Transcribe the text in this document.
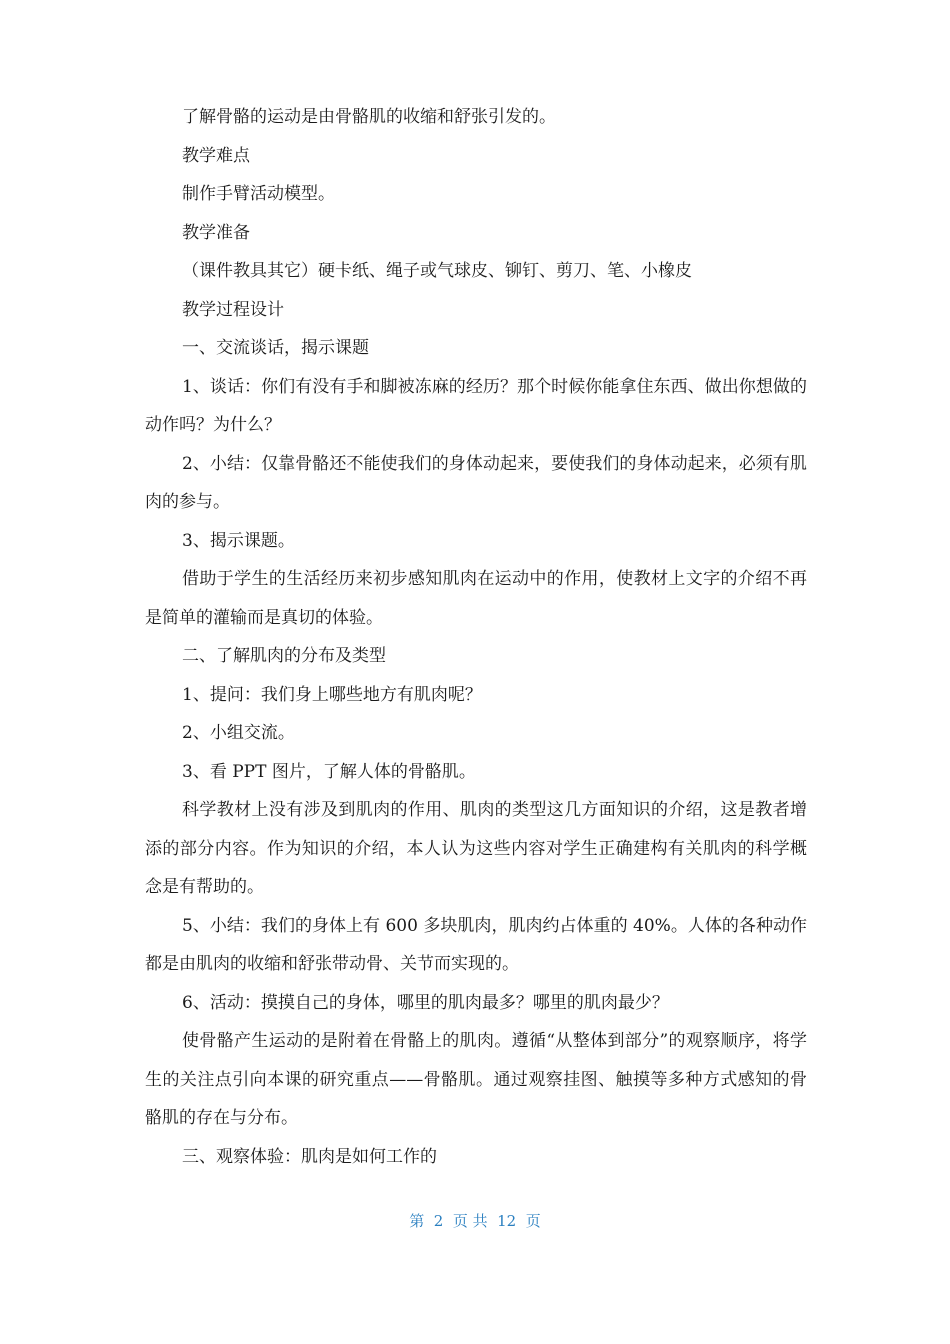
了解骨骼的运动是由骨骼肌的收缩和舒张引发的。

教学难点

制作手臂活动模型。

教学准备

（课件教具其它）硬卡纸、绳子或气球皮、铆钉、剪刀、笔、小橡皮

教学过程设计

一、交流谈话，揭示课题

1、谈话：你们有没有手和脚被冻麻的经历？那个时候你能拿住东西、做出你想做的动作吗？为什么？

2、小结：仅靠骨骼还不能使我们的身体动起来，要使我们的身体动起来，必须有肌肉的参与。

3、揭示课题。

借助于学生的生活经历来初步感知肌肉在运动中的作用，使教材上文字的介绍不再是简单的灌输而是真切的体验。

二、了解肌肉的分布及类型

1、提问：我们身上哪些地方有肌肉呢？

2、小组交流。

3、看 PPT 图片，了解人体的骨骼肌。

科学教材上没有涉及到肌肉的作用、肌肉的类型这几方面知识的介绍，这是教者增添的部分内容。作为知识的介绍，本人认为这些内容对学生正确建构有关肌肉的科学概念是有帮助的。

5、小结：我们的身体上有 600 多块肌肉，肌肉约占体重的 40%。人体的各种动作都是由肌肉的收缩和舒张带动骨、关节而实现的。

6、活动：摸摸自己的身体，哪里的肌肉最多？哪里的肌肉最少？

使骨骼产生运动的是附着在骨骼上的肌肉。遵循“从整体到部分”的观察顺序，将学生的关注点引向本课的研究重点——骨骼肌。通过观察挂图、触摸等多种方式感知的骨骼肌的存在与分布。

三、观察体验：肌肉是如何工作的

第  2  页 共  12  页
